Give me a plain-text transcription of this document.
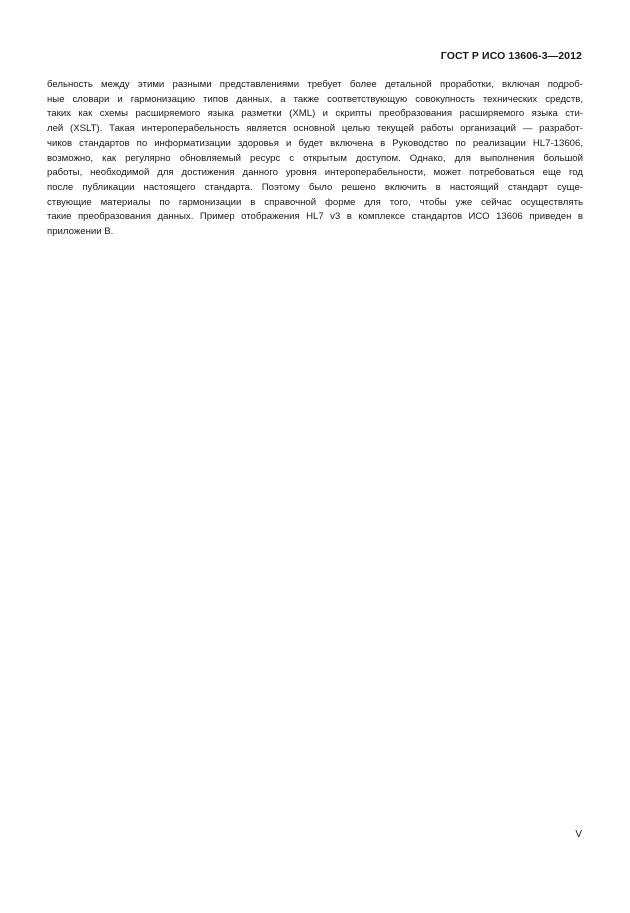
ГОСТ Р ИСО 13606-3—2012
бельность между этими разными представлениями требует более детальной проработки, включая подроб-
ные словари и гармонизацию типов данных, а также соответствующую совокупность технических средств,
таких как схемы расширяемого языка разметки (XML) и скрипты преобразования расширяемого языка сти-
лей (XSLT). Такая интероперабельность является основной целью текущей работы организаций — разработ-
чиков стандартов по информатизации здоровья и будет включена в Руководство по реализации HL7-13606,
возможно, как регулярно обновляемый ресурс с открытым доступом. Однако, для выполнения большой
работы, необходимой для достижения данного уровня интероперабельности, может потребоваться еще год
после публикации настоящего стандарта. Поэтому было решено включить в настоящий стандарт суще-
ствующие материалы по гармонизации в справочной форме для того, чтобы уже сейчас осуществлять
такие преобразования данных. Пример отображения HL7 v3 в комплексе стандартов ИСО 13606 приведен в
приложении В.
V
